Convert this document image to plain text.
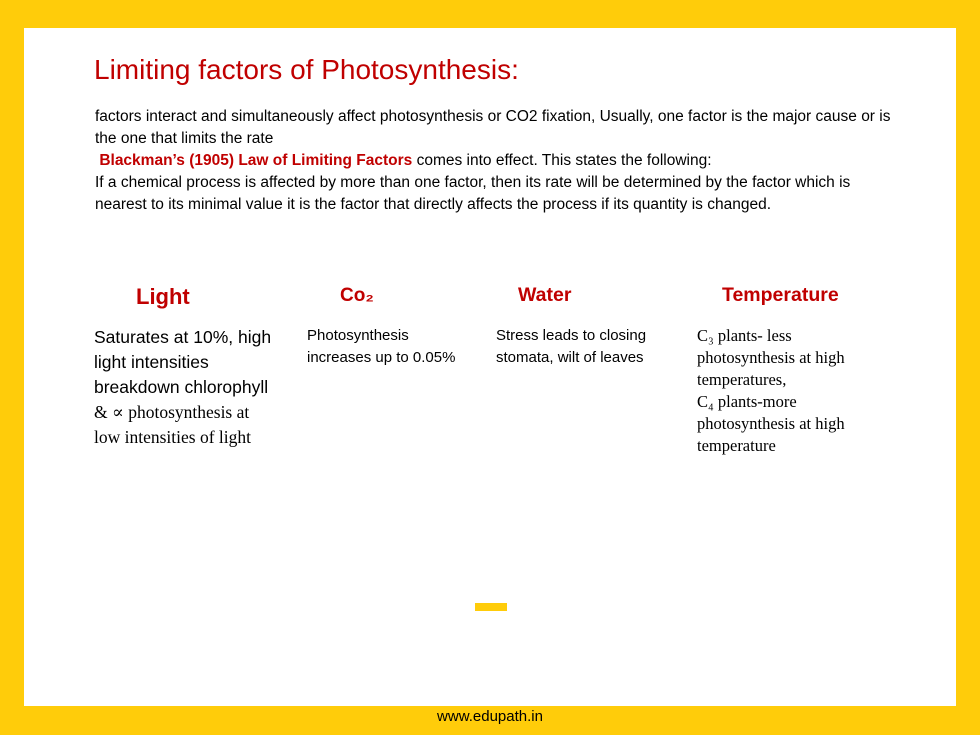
Limiting factors of Photosynthesis:

factors interact and simultaneously affect photosynthesis or CO2 fixation, Usually, one factor is the major cause or is the one that limits the rate

Blackman’s (1905) Law of Limiting Factors comes into effect. This states the following:

If a chemical process is affected by more than one factor, then its rate will be determined by the factor which is nearest to its minimal value it is the factor that directly affects the process if its quantity is changed.

Light
Saturates at 10%, high
light intensities
breakdown chlorophyll
& ∝ photosynthesis at
low intensities of light
Co₂
Photosynthesis
increases up to 0.05%
Water
Stress leads to closing
stomata, wilt of leaves
Temperature
C₃ plants- less
photosynthesis at high
temperatures,
C₄ plants-more
photosynthesis at high
temperature
www.edupath.in
